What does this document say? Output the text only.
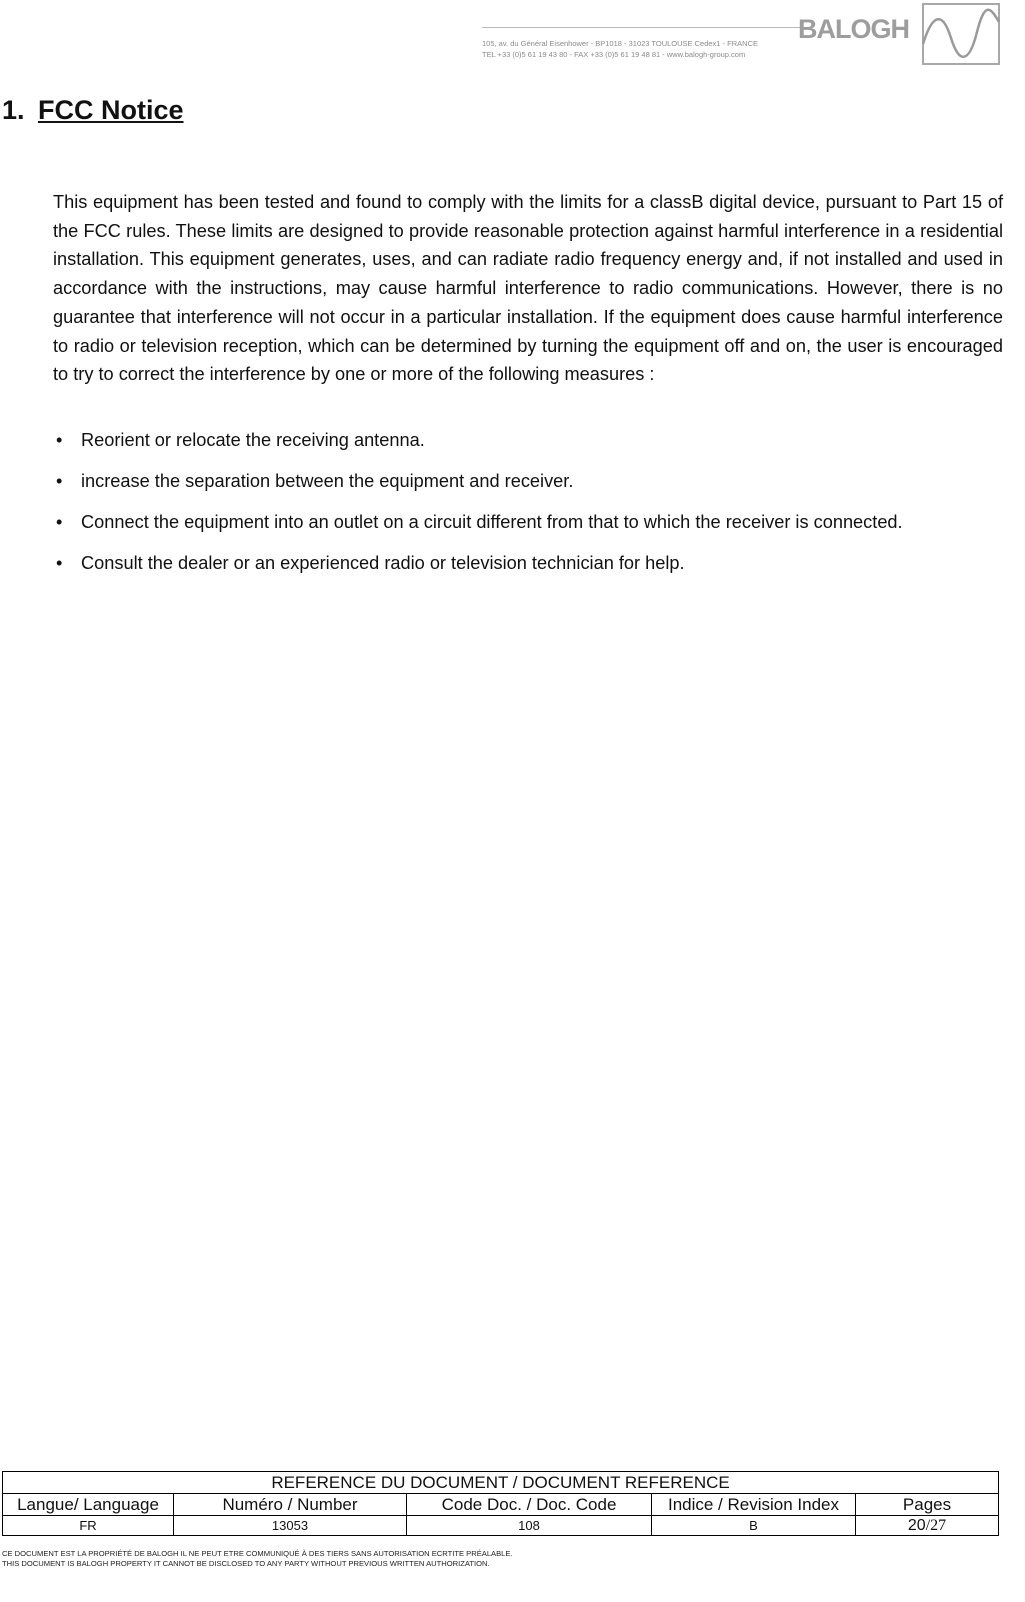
105, av. du Général Eisenhower - BP1018 - 31023 TOULOUSE Cedex1 - FRANCE
TEL +33 (0)5 61 19 43 80 - FAX +33 (0)5 61 19 48 81 - www.balogh-group.com
BALOGH
1. FCC Notice
This equipment has been tested and found to comply with the limits for a classB digital device, pursuant to Part 15 of the FCC rules. These limits are designed to provide reasonable protection against harmful interference in a residential installation. This equipment generates, uses, and can radiate radio frequency energy and, if not installed and used in accordance with the instructions, may cause harmful interference to radio communications. However, there is no guarantee that interference will not occur in a particular installation. If the equipment does cause harmful interference to radio or television reception, which can be determined by turning the equipment off and on, the user is encouraged to try to correct the interference by one or more of the following measures :
• Reorient or relocate the receiving antenna.
• increase the separation between the equipment and receiver.
• Connect the equipment into an outlet on a circuit different from that to which the receiver is connected.
• Consult the dealer or an experienced radio or television technician for help.
REFERENCE DU DOCUMENT / DOCUMENT REFERENCE				
Langue/ Language	Numéro / Number	Code Doc. / Doc. Code	Indice / Revision Index	Pages
FR	13053	108	B	20/27
CE DOCUMENT EST LA PROPRIÉTÉ DE BALOGH IL NE PEUT ETRE COMMUNIQUÉ À DES TIERS SANS AUTORISATION ECRTITE PRÉALABLE.
THIS DOCUMENT IS BALOGH PROPERTY IT CANNOT BE DISCLOSED TO ANY PARTY WITHOUT PREVIOUS WRITTEN AUTHORIZATION.
